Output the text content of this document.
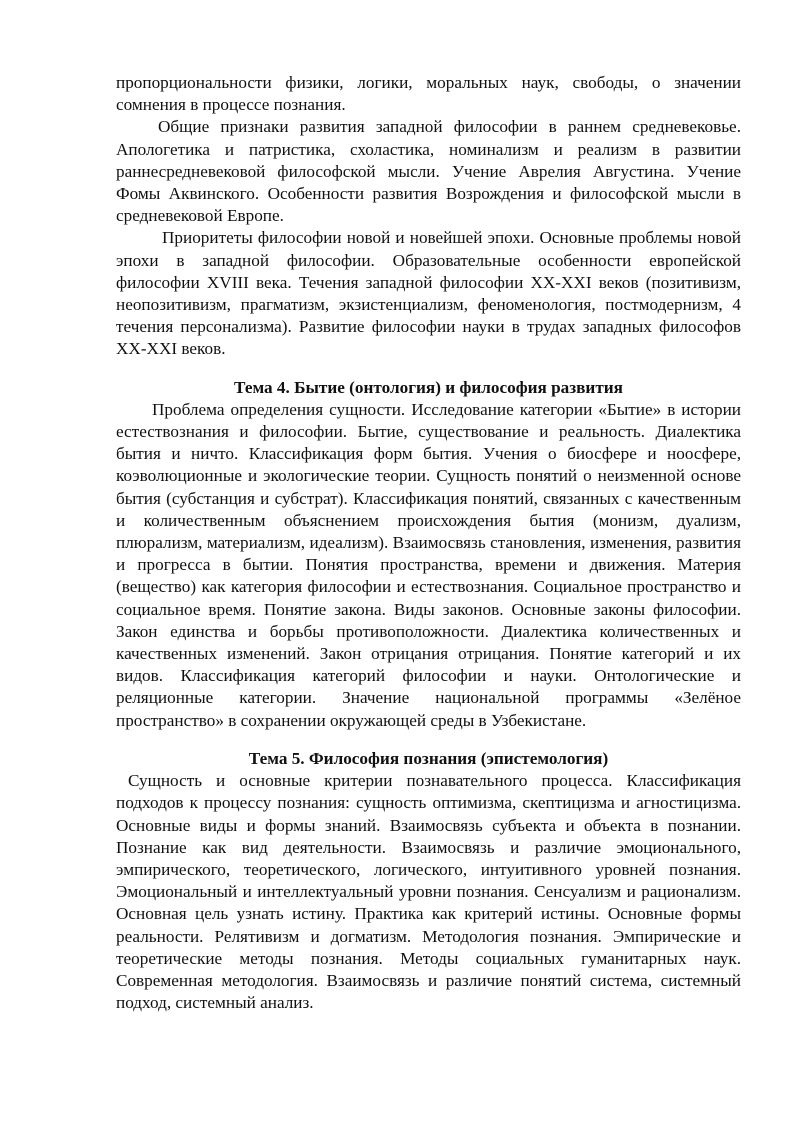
пропорциональности физики, логики, моральных наук, свободы, о значении сомнения в процессе познания.

Общие признаки развития западной философии в раннем средневековье. Апологетика и патристика, схоластика, номинализм и реализм в развитии раннесредневековой философской мысли. Учение Аврелия Августина. Учение Фомы Аквинского. Особенности развития Возрождения и философской мысли в средневековой Европе.

Приоритеты философии новой и новейшей эпохи. Основные проблемы новой эпохи в западной философии. Образовательные особенности европейской философии XVIII века. Течения западной философии XX-XXI веков (позитивизм, неопозитивизм, прагматизм, экзистенциализм, феноменология, постмодернизм, 4 течения персонализма). Развитие философии науки в трудах западных философов XX-XXI веков.

Тема 4. Бытие (онтология) и философия развития

Проблема определения сущности. Исследование категории «Бытие» в истории естествознания и философии. Бытие, существование и реальность. Диалектика бытия и ничто. Классификация форм бытия. Учения о биосфере и ноосфере, коэволюционные и экологические теории. Сущность понятий о неизменной основе бытия (субстанция и субстрат). Классификация понятий, связанных с качественным и количественным объяснением происхождения бытия (монизм, дуализм, плюрализм, материализм, идеализм). Взаимосвязь становления, изменения, развития и прогресса в бытии. Понятия пространства, времени и движения. Материя (вещество) как категория философии и естествознания. Социальное пространство и социальное время. Понятие закона. Виды законов. Основные законы философии. Закон единства и борьбы противоположности. Диалектика количественных и качественных изменений. Закон отрицания отрицания. Понятие категорий и их видов. Классификация категорий философии и науки. Онтологические и реляционные категории. Значение национальной программы «Зелёное пространство» в сохранении окружающей среды в Узбекистане.

Тема 5. Философия познания (эпистемология)

Сущность и основные критерии познавательного процесса. Классификация подходов к процессу познания: сущность оптимизма, скептицизма и агностицизма. Основные виды и формы знаний. Взаимосвязь субъекта и объекта в познании. Познание как вид деятельности. Взаимосвязь и различие эмоционального, эмпирического, теоретического, логического, интуитивного уровней познания. Эмоциональный и интеллектуальный уровни познания. Сенсуализм и рационализм. Основная цель узнать истину. Практика как критерий истины. Основные формы реальности. Релятивизм и догматизм. Методология познания. Эмпирические и теоретические методы познания. Методы социальных гуманитарных наук. Современная методология. Взаимосвязь и различие понятий система, системный подход, системный анализ.
